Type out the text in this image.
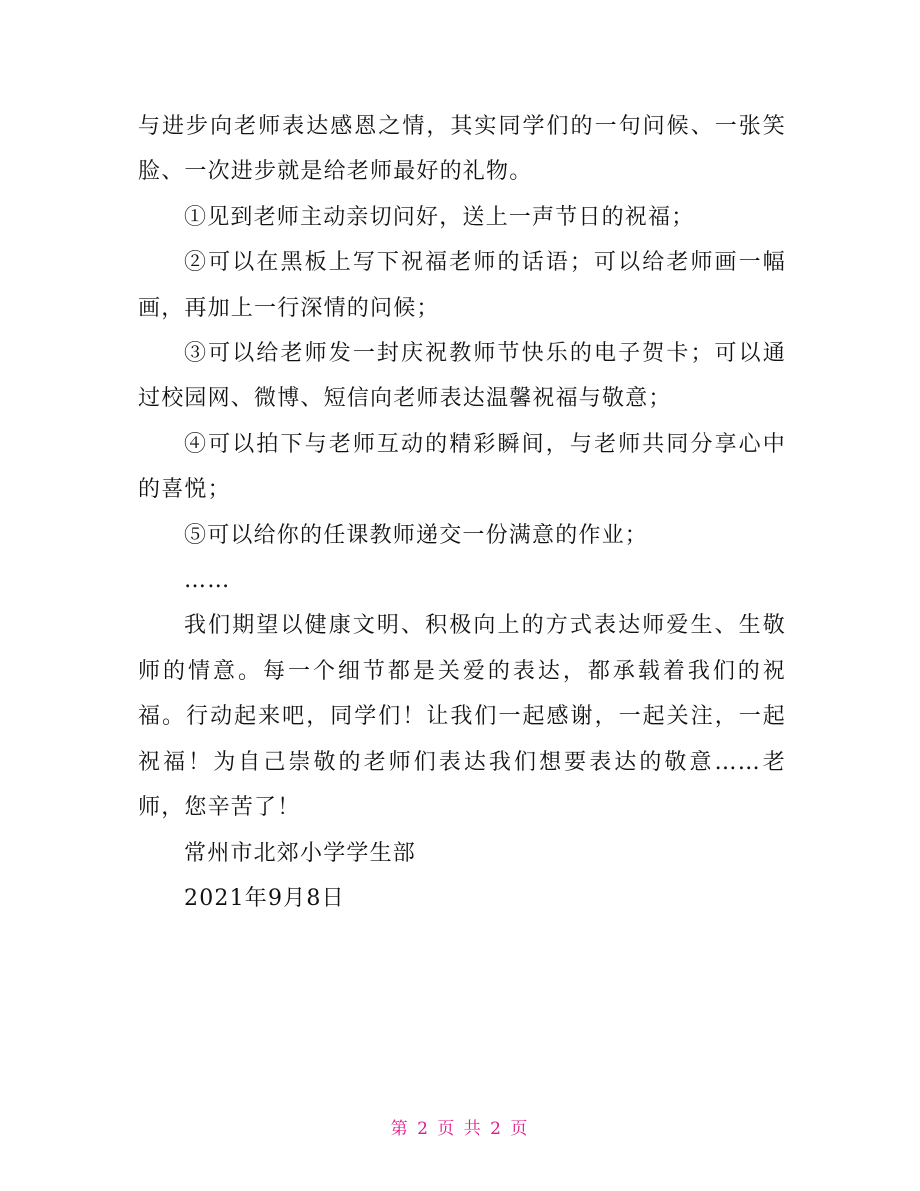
与进步向老师表达感恩之情，其实同学们的一句问候、一张笑脸、一次进步就是给老师最好的礼物。

①见到老师主动亲切问好，送上一声节日的祝福；

②可以在黑板上写下祝福老师的话语；可以给老师画一幅画，再加上一行深情的问候；

③可以给老师发一封庆祝教师节快乐的电子贺卡；可以通过校园网、微博、短信向老师表达温馨祝福与敬意；

④可以拍下与老师互动的精彩瞬间，与老师共同分享心中的喜悦；

⑤可以给你的任课教师递交一份满意的作业；

……

我们期望以健康文明、积极向上的方式表达师爱生、生敬师的情意。每一个细节都是关爱的表达，都承载着我们的祝福。行动起来吧，同学们！让我们一起感谢，一起关注，一起祝福！为自己崇敬的老师们表达我们想要表达的敬意……老师，您辛苦了！

常州市北郊小学学生部

2021年9月8日

第 2 页 共 2 页
